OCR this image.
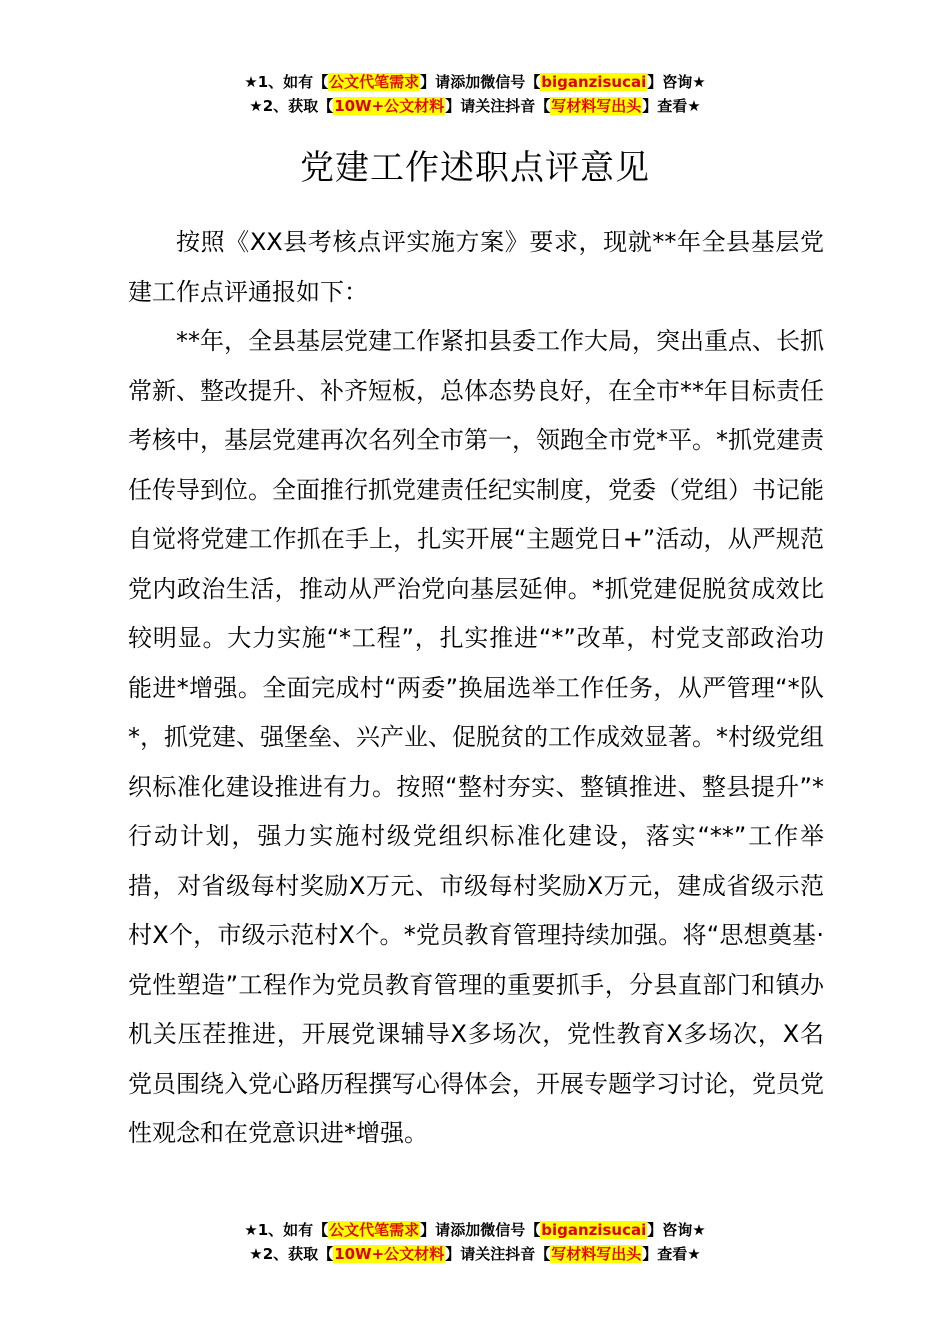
★1、如有【公文代笔需求】请添加微信号【biganzisucai】咨询★
★2、获取【10W+公文材料】请关注抖音【写材料写出头】查看★
党建工作述职点评意见

按照《XX县考核点评实施方案》要求，现就**年全县基层党建工作点评通报如下：

**年，全县基层党建工作紧扣县委工作大局，突出重点、长抓常新、整改提升、补齐短板，总体态势良好，在全市**年目标责任考核中，基层党建再次名列全市第一，领跑全市党*平。*抓党建责任传导到位。全面推行抓党建责任纪实制度，党委（党组）书记能自觉将党建工作抓在手上，扎实开展“主题党日+”活动，从严规范党内政治生活，推动从严治党向基层延伸。*抓党建促脱贫成效比较明显。大力实施“*工程”，扎实推进“*”改革，村党支部政治功能进*增强。全面完成村“两委”换届选举工作任务，从严管理“*队*，抓党建、强堡垒、兴产业、促脱贫的工作成效显著。*村级党组织标准化建设推进有力。按照“整村夯实、整镇推进、整县提升”*行动计划，强力实施村级党组织标准化建设，落实“**”工作举措，对省级每村奖励X万元、市级每村奖励X万元，建成省级示范村X个，市级示范村X个。*党员教育管理持续加强。将“思想奠基·党性塑造”工程作为党员教育管理的重要抓手，分县直部门和镇办机关压茬推进，开展党课辅导X多场次，党性教育X多场次，X名党员围绕入党心路历程撰写心得体会，开展专题学习讨论，党员党性观念和在党意识进*增强。

★1、如有【公文代笔需求】请添加微信号【biganzisucai】咨询★
★2、获取【10W+公文材料】请关注抖音【写材料写出头】查看★
